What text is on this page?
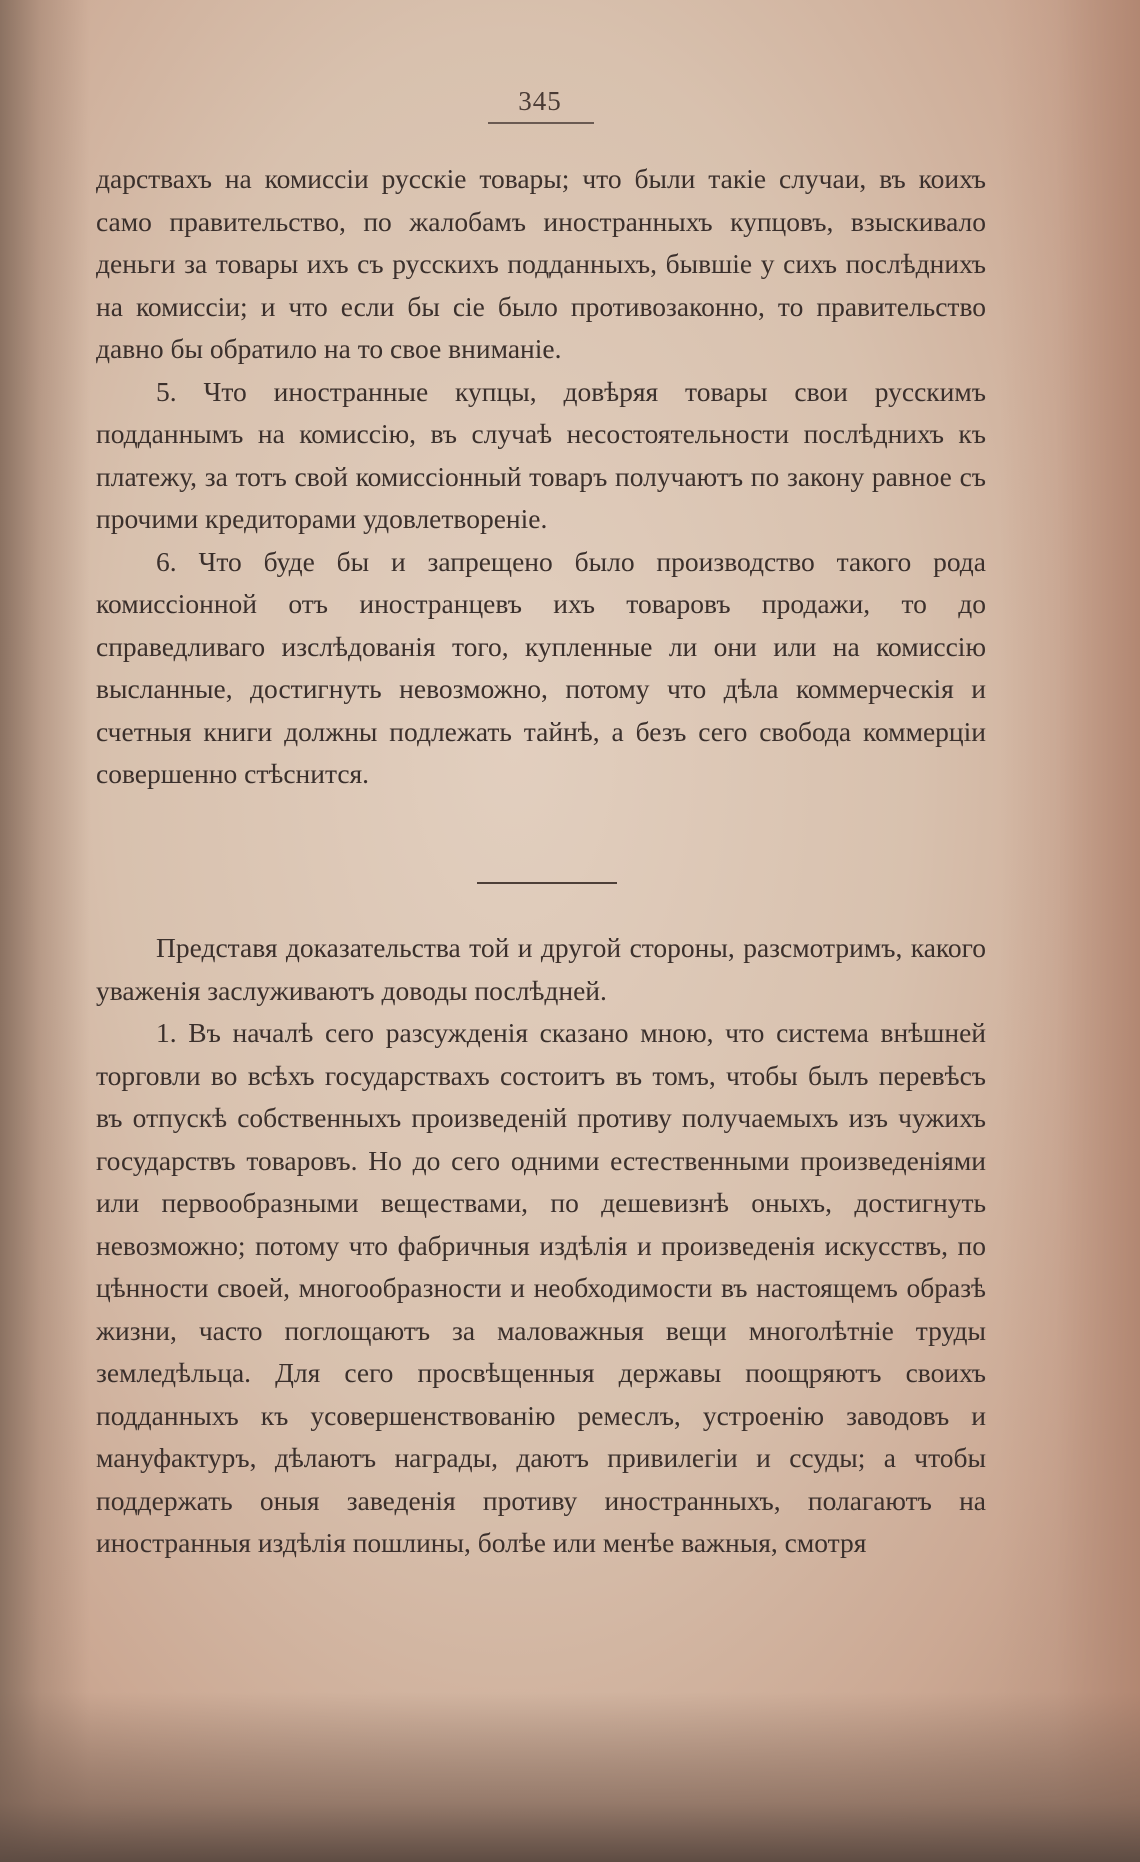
345

дарствахъ на комиссіи русскіе товары; что были такіе случаи, въ коихъ само правительство, по жалобамъ иностранныхъ купцовъ, взыскивало деньги за товары ихъ съ русскихъ подданныхъ, бывшіе у сихъ послѣднихъ на комиссіи; и что если бы сіе было противозаконно, то правительство давно бы обратило на то свое вниманіе.

5. Что иностранные купцы, довѣряя товары свои русскимъ подданнымъ на комиссію, въ случаѣ несостоятельности послѣднихъ къ платежу, за тотъ свой комиссіонный товаръ получаютъ по закону равное съ прочими кредиторами удовлетвореніе.

6. Что буде бы и запрещено было производство такого рода комиссіонной отъ иностранцевъ ихъ товаровъ продажи, то до справедливаго изслѣдованія того, купленные ли они или на комиссію высланные, достигнуть невозможно, потому что дѣла коммерческія и счетныя книги должны подлежать тайнѣ, а безъ сего свобода коммерціи совершенно стѣснится.

Представя доказательства той и другой стороны, разсмотримъ, какого уваженія заслуживаютъ доводы послѣдней.

1. Въ началѣ сего разсужденія сказано мною, что система внѣшней торговли во всѣхъ государствахъ состоитъ въ томъ, чтобы былъ перевѣсъ въ отпускѣ собственныхъ произведеній противу получаемыхъ изъ чужихъ государствъ товаровъ. Но до сего одними естественными произведеніями или первообразными веществами, по дешевизнѣ оныхъ, достигнуть невозможно; потому что фабричныя издѣлія и произведенія искусствъ, по цѣнности своей, многообразности и необходимости въ настоящемъ образѣ жизни, часто поглощаютъ за маловажныя вещи многолѣтніе труды земледѣльца. Для сего просвѣщенныя державы поощряютъ своихъ подданныхъ къ усовершенствованію ремеслъ, устроенію заводовъ и мануфактуръ, дѣлаютъ награды, даютъ привилегіи и ссуды; а чтобы поддержать оныя заведенія противу иностранныхъ, полагаютъ на иностранныя издѣлія пошлины, болѣе или менѣе важныя, смотря
